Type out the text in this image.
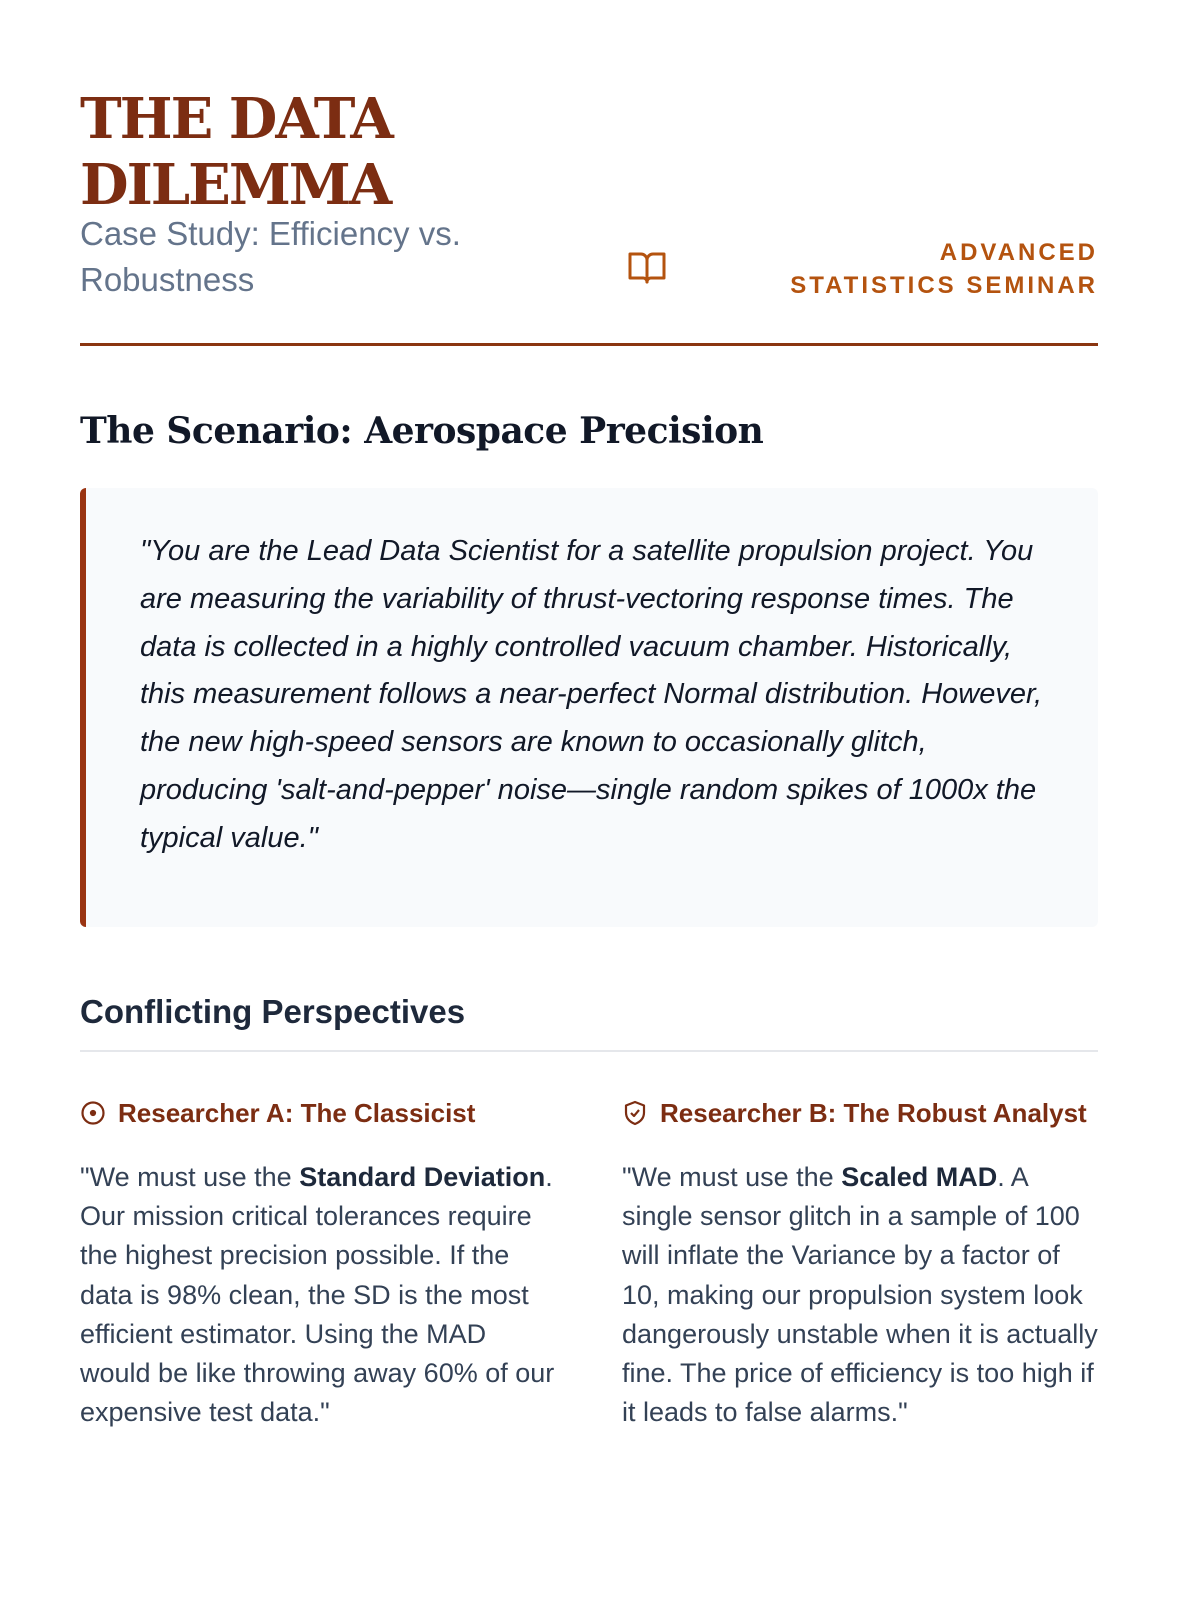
THE DATA DILEMMA
Case Study: Efficiency vs. Robustness
ADVANCED STATISTICS SEMINAR
The Scenario: Aerospace Precision
"You are the Lead Data Scientist for a satellite propulsion project. You are measuring the variability of thrust-vectoring response times. The data is collected in a highly controlled vacuum chamber. Historically, this measurement follows a near-perfect Normal distribution. However, the new high-speed sensors are known to occasionally glitch, producing 'salt-and-pepper' noise—single random spikes of 1000x the typical value."
Conflicting Perspectives
Researcher A: The Classicist

"We must use the Standard Deviation. Our mission critical tolerances require the highest precision possible. If the data is 98% clean, the SD is the most efficient estimator. Using the MAD would be like throwing away 60% of our expensive test data."

Researcher B: The Robust Analyst

"We must use the Scaled MAD. A single sensor glitch in a sample of 100 will inflate the Variance by a factor of 10, making our propulsion system look dangerously unstable when it is actually fine. The price of efficiency is too high if it leads to false alarms."
